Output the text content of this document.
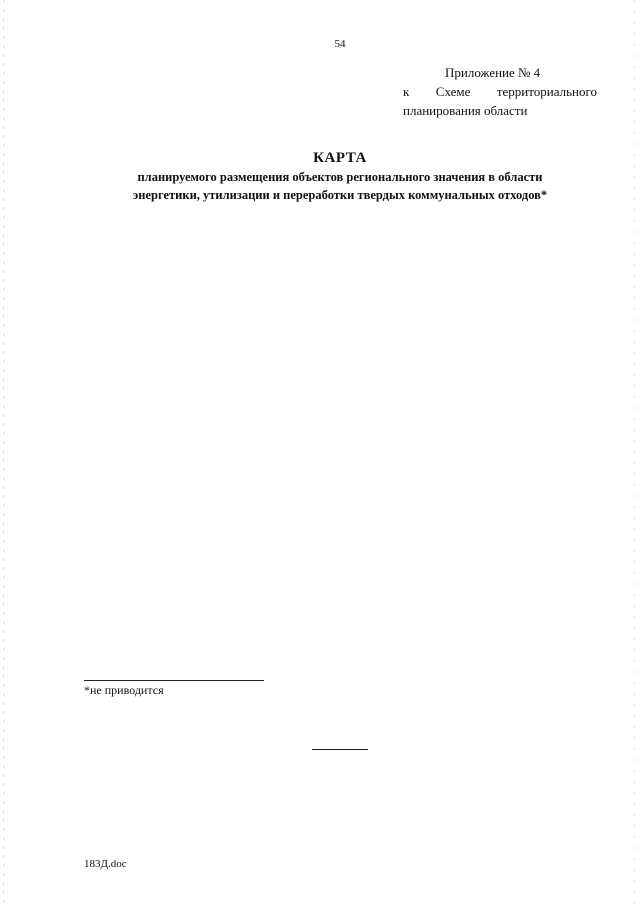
54
Приложение № 4
к Схеме территориального
планирования области
КАРТА
планируемого размещения объектов регионального значения в области
энергетики, утилизации и переработки твердых коммунальных отходов*
*не приводится
183Д.doc
